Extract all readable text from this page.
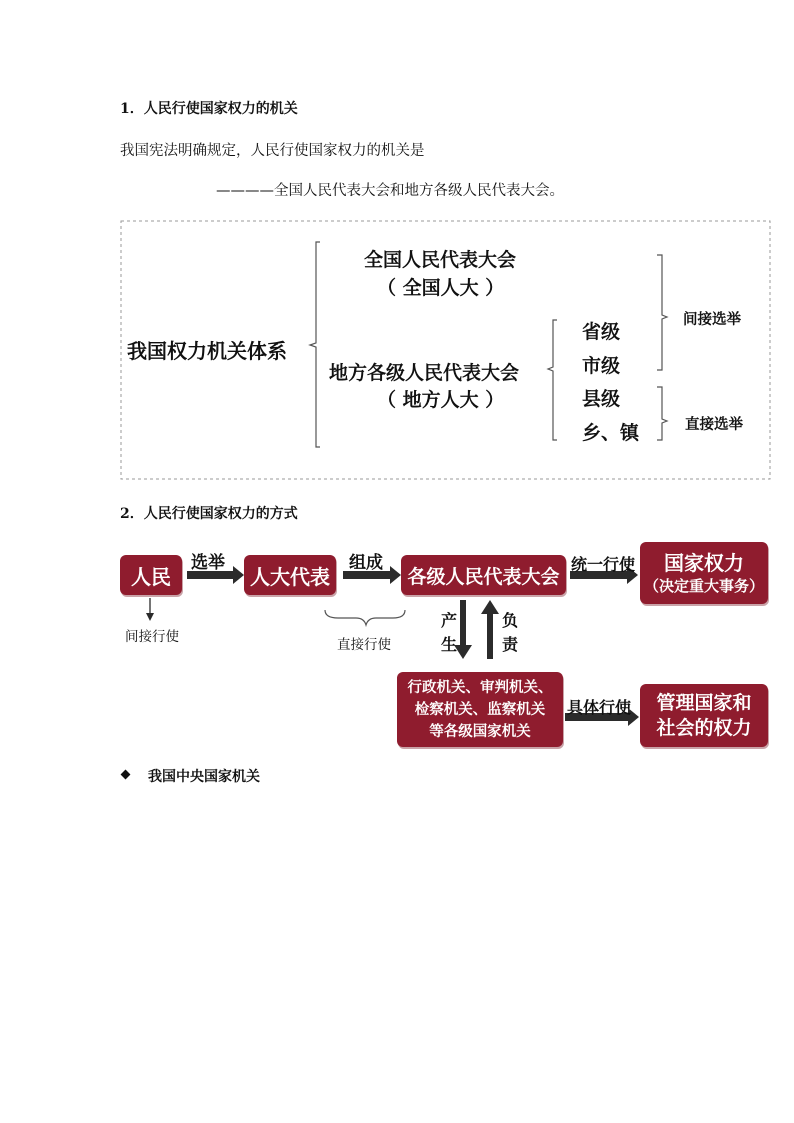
1．人民行使国家权力的机关
我国宪法明确规定，人民行使国家权力的机关是
————全国人民代表大会和地方各级人民代表大会。
我国权力机关体系
全国人民代表大会
（ 全国人大 ）
地方各级人民代表大会
（ 地方人大 ）
省级
市级
县级
乡、镇
间接选举
直接选举
2．人民行使国家权力的方式
人民	人大代表	各级人民代表大会
国家权力
（决定重大事务）
行政机关、审判机关、
检察机关、监察机关
等各级国家机关
管理国家和
社会的权力
选举	组成	统一行使
具体行使
间接行使	直接行使
产
生
负
责
我国中央国家机关
